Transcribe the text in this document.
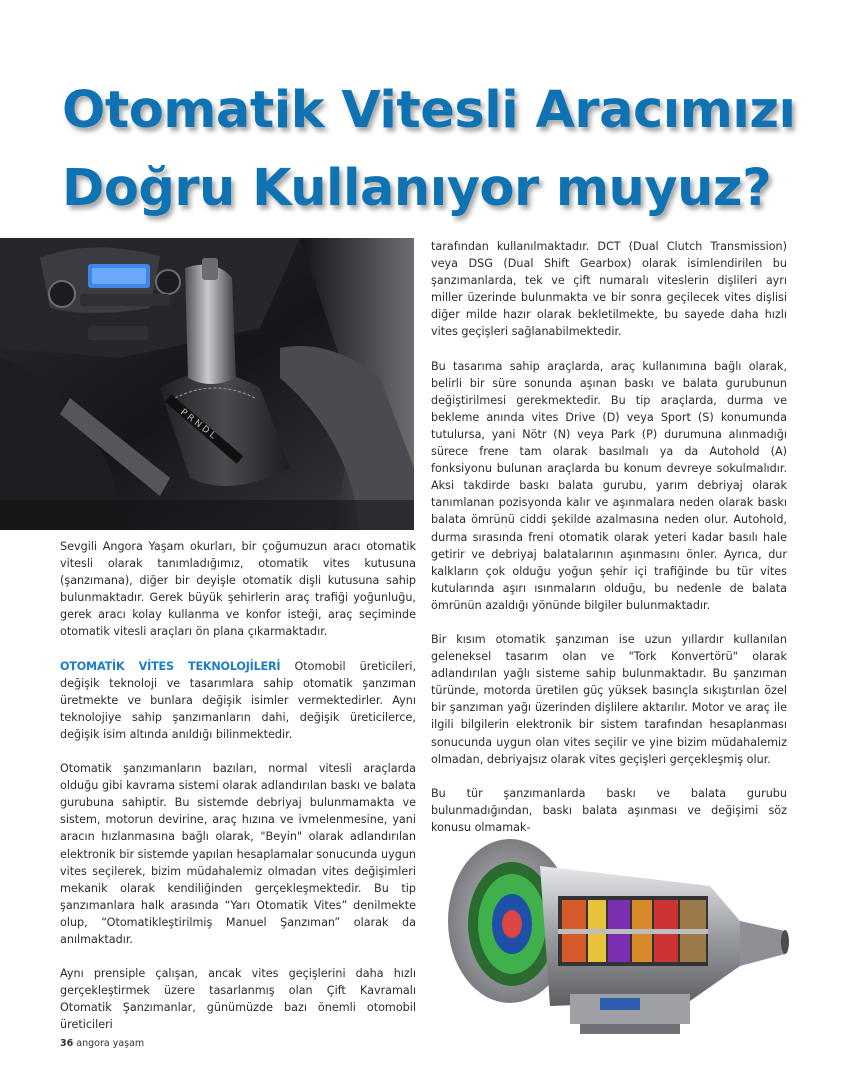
Otomatik Vitesli Aracımızı
Doğru Kullanıyor muyuz?
P R N D L

Sevgili Angora Yaşam okurları, bir çoğumuzun aracı otomatik vitesli olarak tanımladığımız, otomatik vites kutusuna (şanzımana), diğer bir deyişle otomatik dişli kutusuna sahip bulunmaktadır. Gerek büyük şehirlerin araç trafiği yoğunluğu, gerek aracı kolay kullanma ve konfor isteği, araç seçiminde otomatik vitesli araçları ön plana çıkarmaktadır.

OTOMATİK VİTES TEKNOLOJİLERİ Otomobil üreticileri, değişik teknoloji ve tasarımlara sahip otomatik şanzıman üretmekte ve bunlara değişik isimler vermektedirler. Aynı teknolojiye sahip şanzımanların dahi, değişik üreticilerce, değişik isim altında anıldığı bilinmektedir.

Otomatik şanzımanların bazıları, normal vitesli araçlarda olduğu gibi kavrama sistemi olarak adlandırılan baskı ve balata gurubuna sahiptir. Bu sistemde debriyaj bulunmamakta ve sistem, motorun devirine, araç hızına ve ivmelenmesine, yani aracın hızlanmasına bağlı olarak, "Beyin" olarak adlandırılan elektronik bir sistemde yapılan hesaplamalar sonucunda uygun vites seçilerek, bizim müdahalemiz olmadan vites değişimleri mekanik olarak kendiliğinden gerçekleşmektedir. Bu tip şanzımanlara halk arasında “Yarı Otomatik Vites” denilmekte olup, “Otomatikleştirilmiş Manuel Şanzıman” olarak da anılmaktadır.

Aynı prensiple çalışan, ancak vites geçişlerini daha hızlı gerçekleştirmek üzere tasarlanmış olan Çift Kavramalı Otomatik Şanzımanlar, günümüzde bazı önemli otomobil üreticileri

tarafından kullanılmaktadır. DCT (Dual Clutch Transmission) veya DSG (Dual Shift Gearbox) olarak isimlendirilen bu şanzımanlarda, tek ve çift numaralı viteslerin dişlileri ayrı miller üzerinde bulunmakta ve bir sonra geçilecek vites dişlisi diğer milde hazır olarak bekletilmekte, bu sayede daha hızlı vites geçişleri sağlanabilmektedir.

Bu tasarıma sahip araçlarda, araç kullanımına bağlı olarak, belirli bir süre sonunda aşınan baskı ve balata gurubunun değiştirilmesi gerekmektedir. Bu tip araçlarda, durma ve bekleme anında vites Drive (D) veya Sport (S) konumunda tutulursa, yani Nötr (N) veya Park (P) durumuna alınmadığı sürece frene tam olarak basılmalı ya da Autohold (A) fonksiyonu bulunan araçlarda bu konum devreye sokulmalıdır. Aksi takdirde baskı balata gurubu, yarım debriyaj olarak tanımlanan pozisyonda kalır ve aşınmalara neden olarak baskı balata ömrünü ciddi şekilde azalmasına neden olur. Autohold, durma sırasında freni otomatik olarak yeteri kadar basılı hale getirir ve debriyaj balatalarının aşınmasını önler. Ayrıca, dur kalkların çok olduğu yoğun şehir içi trafiğinde bu tür vites kutularında aşırı ısınmaların olduğu, bu nedenle de balata ömrünün azaldığı yönünde bilgiler bulunmaktadır.

Bir kısım otomatik şanzıman ise uzun yıllardır kullanılan geleneksel tasarım olan ve "Tork Konvertörü" olarak adlandırılan yağlı sisteme sahip bulunmaktadır. Bu şanzıman türünde, motorda üretilen güç yüksek basınçla sıkıştırılan özel bir şanzıman yağı üzerinden dişlilere aktarılır. Motor ve araç ile ilgili bilgilerin elektronik bir sistem tarafından hesaplanması sonucunda uygun olan vites seçilir ve yine bizim müdahalemiz olmadan, debriyajsız olarak vites geçişleri gerçekleşmiş olur.

Bu tür şanzımanlarda baskı ve balata gurubu bulunmadığından, baskı balata aşınması ve değişimi söz konusu olmamak-

36 angora yaşam
